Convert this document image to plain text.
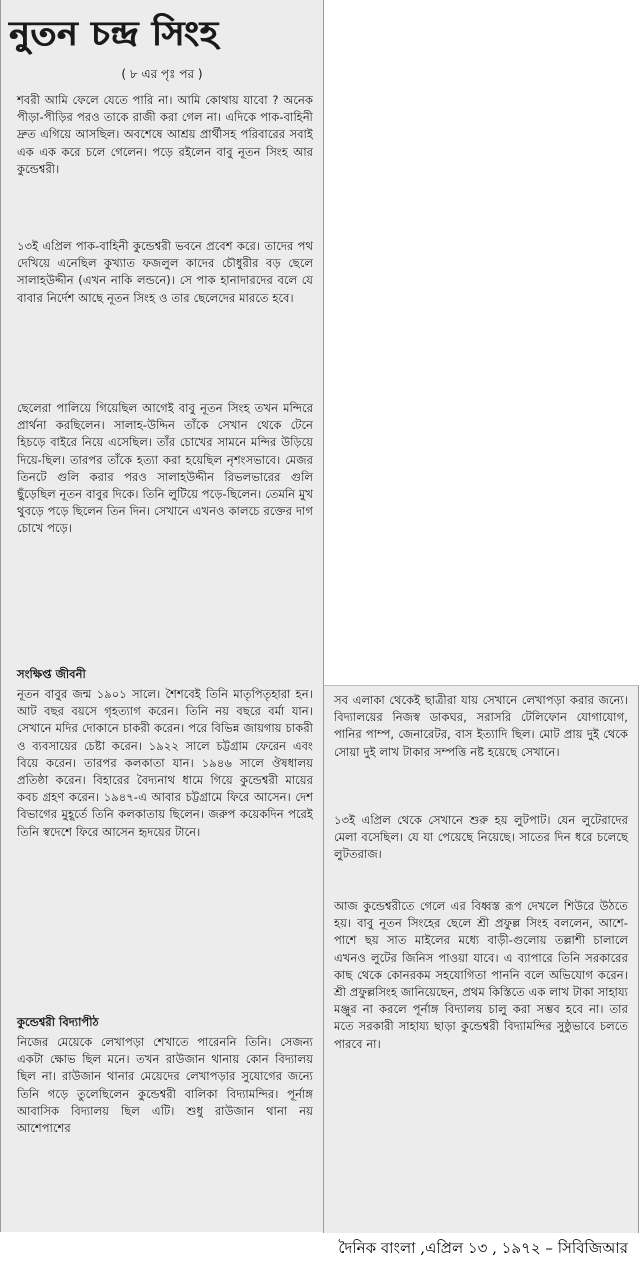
নুতন চন্দ্র সিংহ
( ৮ এর পৃঃ পর )

শবরী আমি ফেলে যেতে পারি না। আমি কোথায় যাবো ? অনেক পীড়া-পীড়ির পরও তাকে রাজী করা গেল না। এদিকে পাক-বাহিনী দ্রুত এগিয়ে আসছিল। অবশেষে আশ্রয় প্রার্থীসহ পরিবারের সবাই এক এক করে চলে গেলেন। পড়ে রইলেন বাবু নূতন সিংহ আর কুন্ডেশ্বরী।

১৩ই এপ্রিল পাক-বাহিনী কুন্ডেশ্বরী ভবনে প্রবেশ করে। তাদের পথ দেখিয়ে এনেছিল কুখ্যাত ফজলুল কাদের চৌধুরীর বড় ছেলে সালাহউদ্দীন (এখন নাকি লন্ডনে)। সে পাক হানাদারদের বলে যে বাবার নির্দেশ আছে নূতন সিংহ ও তার ছেলেদের মারতে হবে।

ছেলেরা পালিয়ে গিয়েছিল আগেই বাবু নূতন সিংহ তখন মন্দিরে প্রার্থনা করছিলেন। সালাহ-উদ্দিন তাঁকে সেখান থেকে টেনে হিচড়ে বাইরে নিয়ে এসেছিল। তাঁর চোখের সামনে মন্দির উড়িয়ে দিয়ে-ছিল। তারপর তাঁকে হত্যা করা হয়েছিল নৃশংসভাবে। মেজর তিনটে গুলি করার পরও সালাহউদ্দীন রিভলভারের গুলি ছুঁড়েছিল নূতন বাবুর দিকে। তিনি লুটিয়ে পড়ে-ছিলেন। তেমনি মুখ থুবড়ে পড়ে ছিলেন তিন দিন। সেখানে এখনও কালচে রক্তের দাগ চোখে পড়ে।

সংক্ষিপ্ত জীবনী

নূতন বাবুর জন্ম ১৯০১ সালে। শৈশবেই তিনি মাতৃপিতৃহারা হন। আট বছর বয়সে গৃহত্যাগ করেন। তিনি নয় বছরে বর্মা যান। সেখানে মদির দোকানে চাকরী করেন। পরে বিভিন্ন জায়গায় চাকরী ও ব্যবসায়ের চেষ্টা করেন। ১৯২২ সালে চট্টগ্রাম ফেরেন এবং বিয়ে করেন। তারপর কলকাতা যান। ১৯৪৬ সালে ঔষধালয় প্রতিষ্ঠা করেন। বিহারের বৈদ্যনাথ ধামে গিয়ে কুন্ডেশ্বরী মায়ের কবচ গ্রহণ করেন। ১৯৪৭-এ আবার চট্টগ্রামে ফিরে আসেন। দেশ বিভাগের মুহূর্তে তিনি কলকাতায় ছিলেন। জরুপ কয়েকদিন পরেই তিনি স্বদেশে ফিরে আসেন হৃদয়ের টানে।

কুন্ডেশ্বরী বিদ্যাপীঠ

নিজের মেয়েকে লেখাপড়া শেখাতে পারেননি তিনি। সেজন্য একটা ক্ষোভ ছিল মনে। তখন রাউজান থানায় কোন বিদ্যালয় ছিল না। রাউজান থানার মেয়েদের লেখাপড়ার সুযোগের জন্যে তিনি গড়ে তুলেছিলেন কুন্ডেশ্বরী বালিকা বিদ্যামন্দির। পূর্নাঙ্গ আবাসিক বিদ্যালয় ছিল এটি। শুধু রাউজান থানা নয় আশেপাশের

সব এলাকা থেকেই ছাত্রীরা যায় সেখানে লেখাপড়া করার জন্যে। বিদ্যালয়ের নিজস্ব ডাকঘর, সরাসরি টেলিফোন যোগাযোগ, পানির পাম্প, জেনারেটর, বাস ইত্যাদি ছিল। মোট প্রায় দুই থেকে সোয়া দুই লাখ টাকার সম্পত্তি নষ্ট হয়েছে সেখানে।

১৩ই এপ্রিল থেকে সেখানে শুরু হয় লুটপাট। যেন লুটেরাদের মেলা বসেছিল। যে যা পেয়েছে নিয়েছে। সাতের দিন ধরে চলেছে লুটতরাজ।

আজ কুন্ডেশ্বরীতে গেলে এর বিধ্বস্ত রূপ দেখলে শিউরে উঠতে হয়। বাবু নূতন সিংহের ছেলে শ্রী প্রফুল্ল সিংহ বললেন, আশে-পাশে ছয় সাত মাইলের মধ্যে বাড়ী-গুলোয় তল্লাশী চালালে এখনও লুটের জিনিস পাওয়া যাবে। এ ব্যাপারে তিনি সরকারের কাছ থেকে কোনরকম সহযোগিতা পাননি বলে অভিযোগ করেন। শ্রী প্রফুল্লসিংহ জানিয়েছেন, প্রথম কিস্তিতে এক লাখ টাকা সাহায্য মঞ্জুর না করলে পূর্নাঙ্গ বিদ্যালয় চালু করা সম্ভব হবে না। তার মতে সরকারী সাহায্য ছাড়া কুন্ডেশ্বরী বিদ্যামন্দির সুষ্ঠুভাবে চলতে পারবে না।

দৈনিক বাংলা ,এপ্রিল ১৩ , ১৯৭২ – সিবিজিআর
